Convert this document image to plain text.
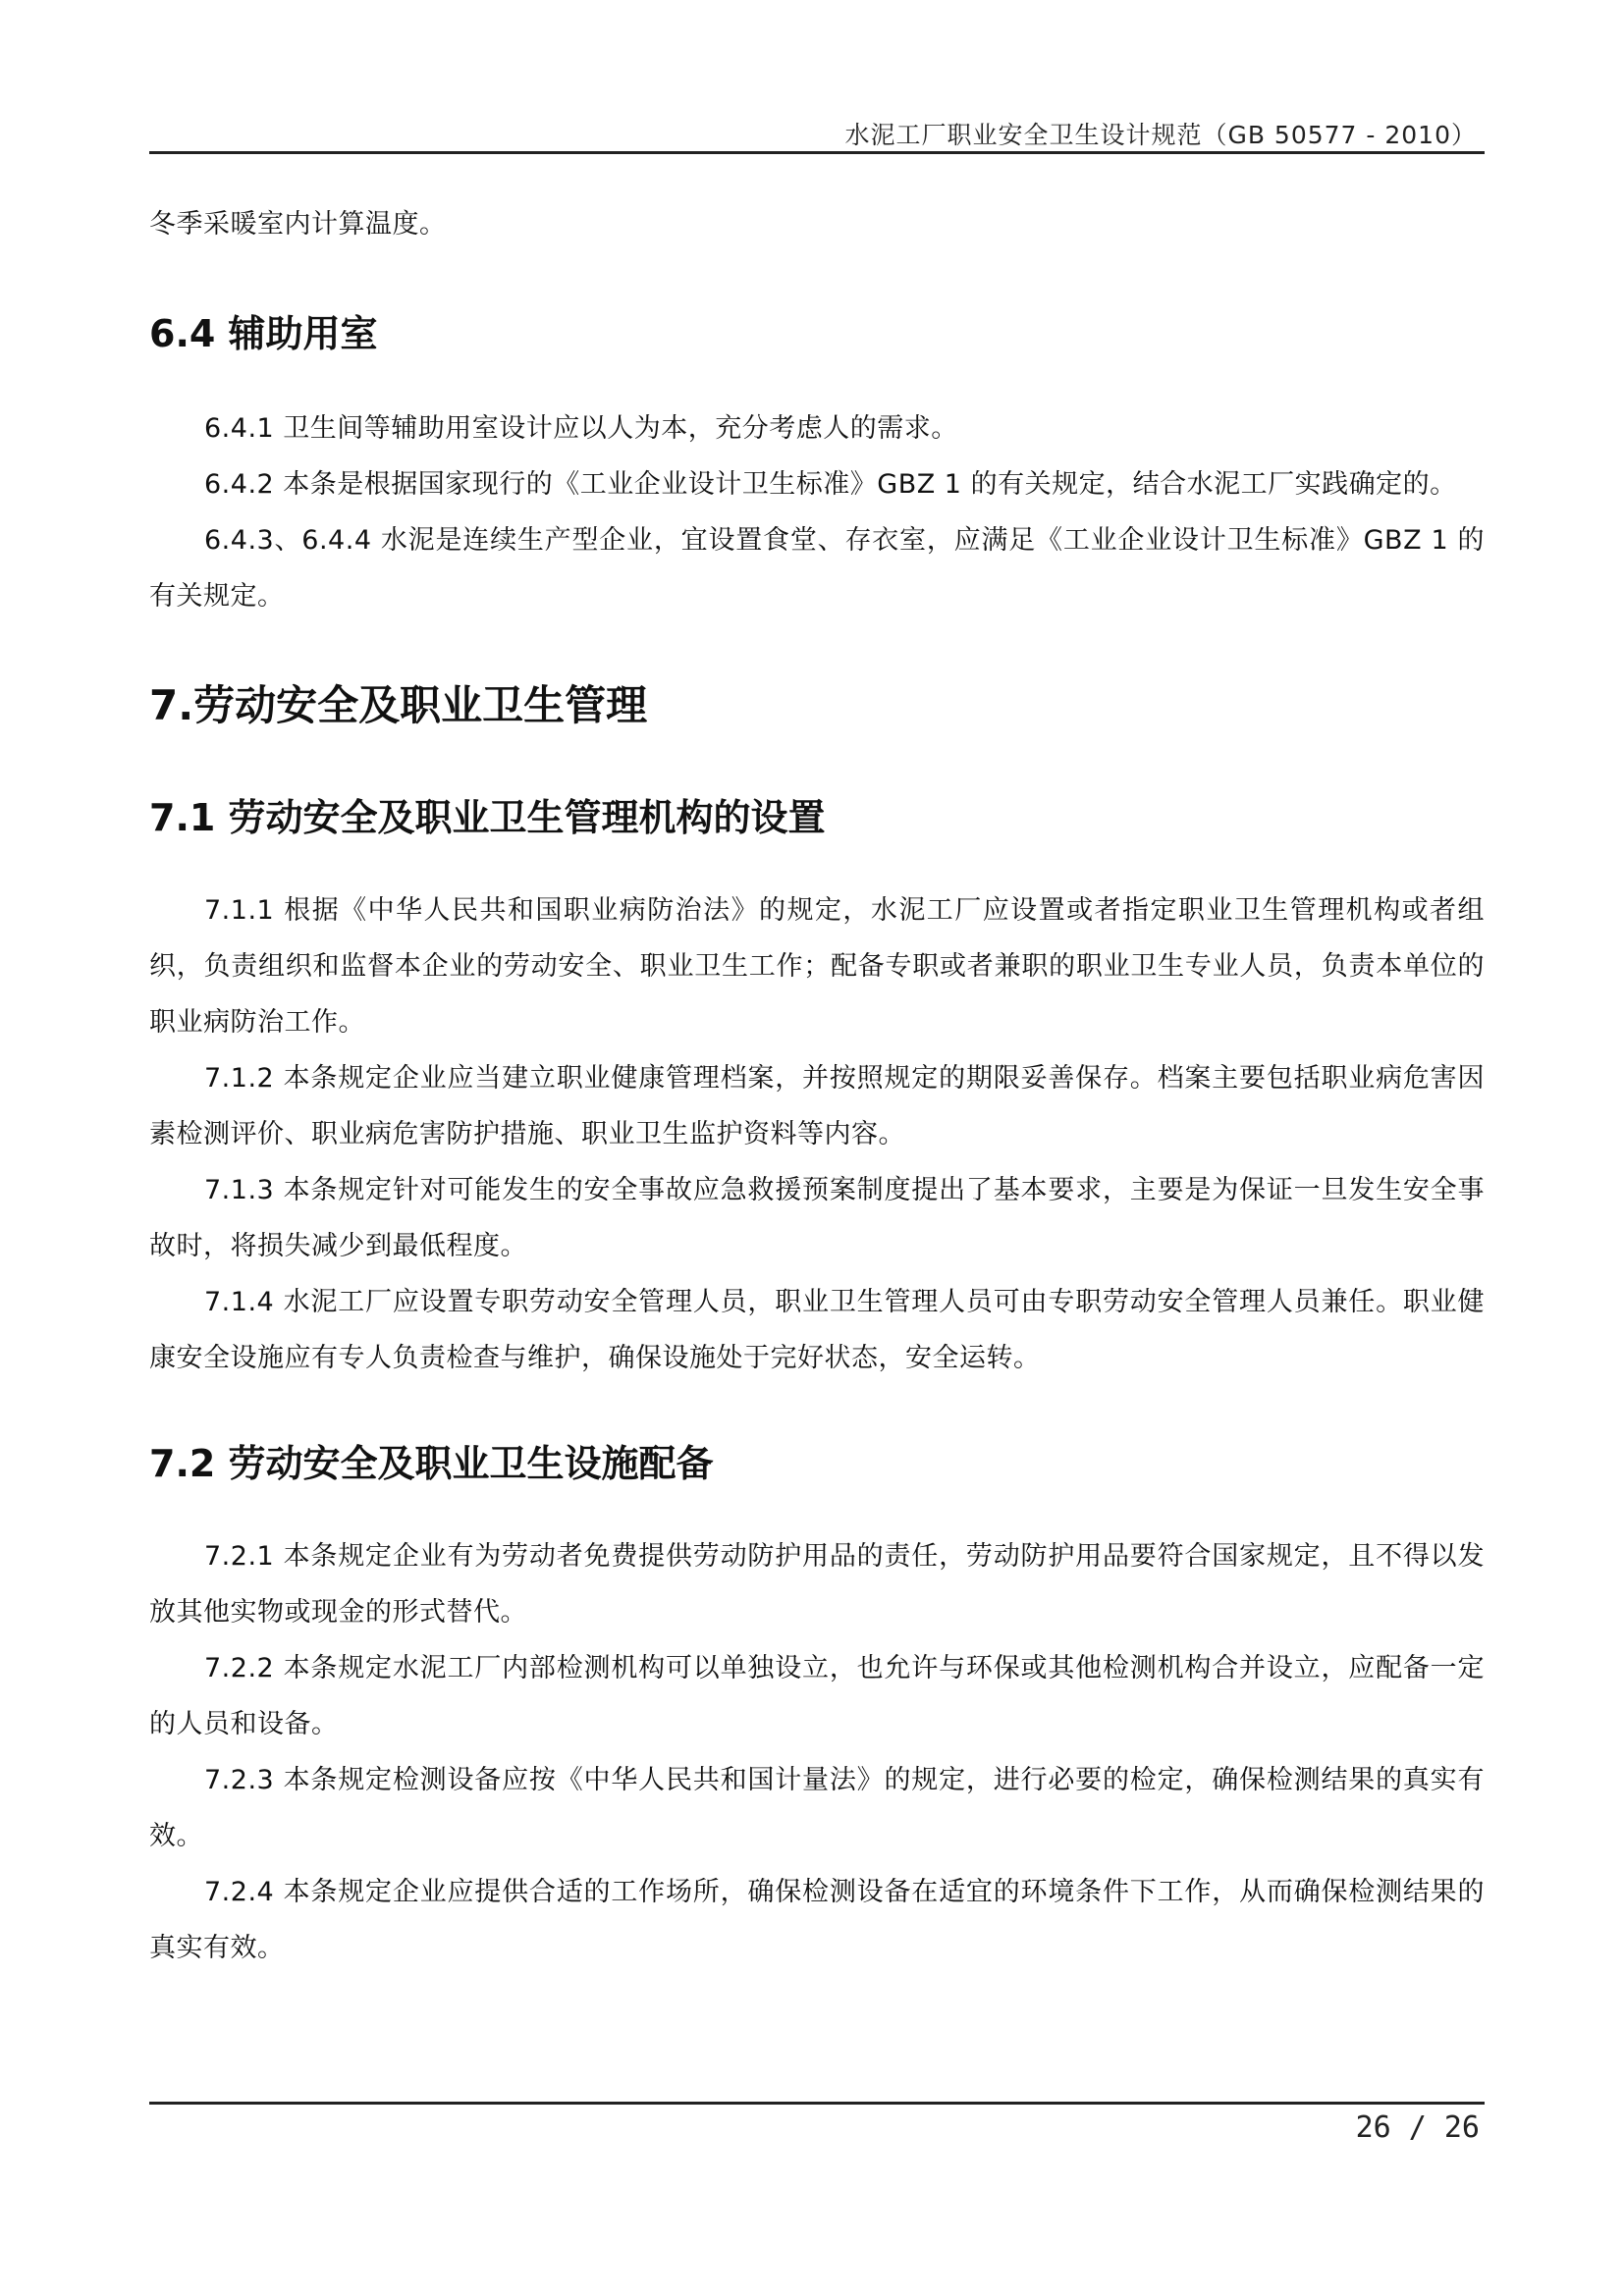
水泥工厂职业安全卫生设计规范（GB 50577 - 2010）

冬季采暖室内计算温度。

6.4 辅助用室

6.4.1 卫生间等辅助用室设计应以人为本，充分考虑人的需求。

6.4.2 本条是根据国家现行的《工业企业设计卫生标准》GBZ 1 的有关规定，结合水泥工厂实践确定的。

6.4.3、6.4.4 水泥是连续生产型企业，宜设置食堂、存衣室，应满足《工业企业设计卫生标准》GBZ 1 的有关规定。

7.劳动安全及职业卫生管理
7.1 劳动安全及职业卫生管理机构的设置

7.1.1 根据《中华人民共和国职业病防治法》的规定，水泥工厂应设置或者指定职业卫生管理机构或者组织，负责组织和监督本企业的劳动安全、职业卫生工作；配备专职或者兼职的职业卫生专业人员，负责本单位的职业病防治工作。

7.1.2 本条规定企业应当建立职业健康管理档案，并按照规定的期限妥善保存。档案主要包括职业病危害因素检测评价、职业病危害防护措施、职业卫生监护资料等内容。

7.1.3 本条规定针对可能发生的安全事故应急救援预案制度提出了基本要求，主要是为保证一旦发生安全事故时，将损失减少到最低程度。

7.1.4 水泥工厂应设置专职劳动安全管理人员，职业卫生管理人员可由专职劳动安全管理人员兼任。职业健康安全设施应有专人负责检查与维护，确保设施处于完好状态，安全运转。

7.2 劳动安全及职业卫生设施配备

7.2.1 本条规定企业有为劳动者免费提供劳动防护用品的责任，劳动防护用品要符合国家规定，且不得以发放其他实物或现金的形式替代。

7.2.2 本条规定水泥工厂内部检测机构可以单独设立，也允许与环保或其他检测机构合并设立，应配备一定的人员和设备。

7.2.3 本条规定检测设备应按《中华人民共和国计量法》的规定，进行必要的检定，确保检测结果的真实有效。

7.2.4 本条规定企业应提供合适的工作场所，确保检测设备在适宜的环境条件下工作，从而确保检测结果的真实有效。

26 / 26
